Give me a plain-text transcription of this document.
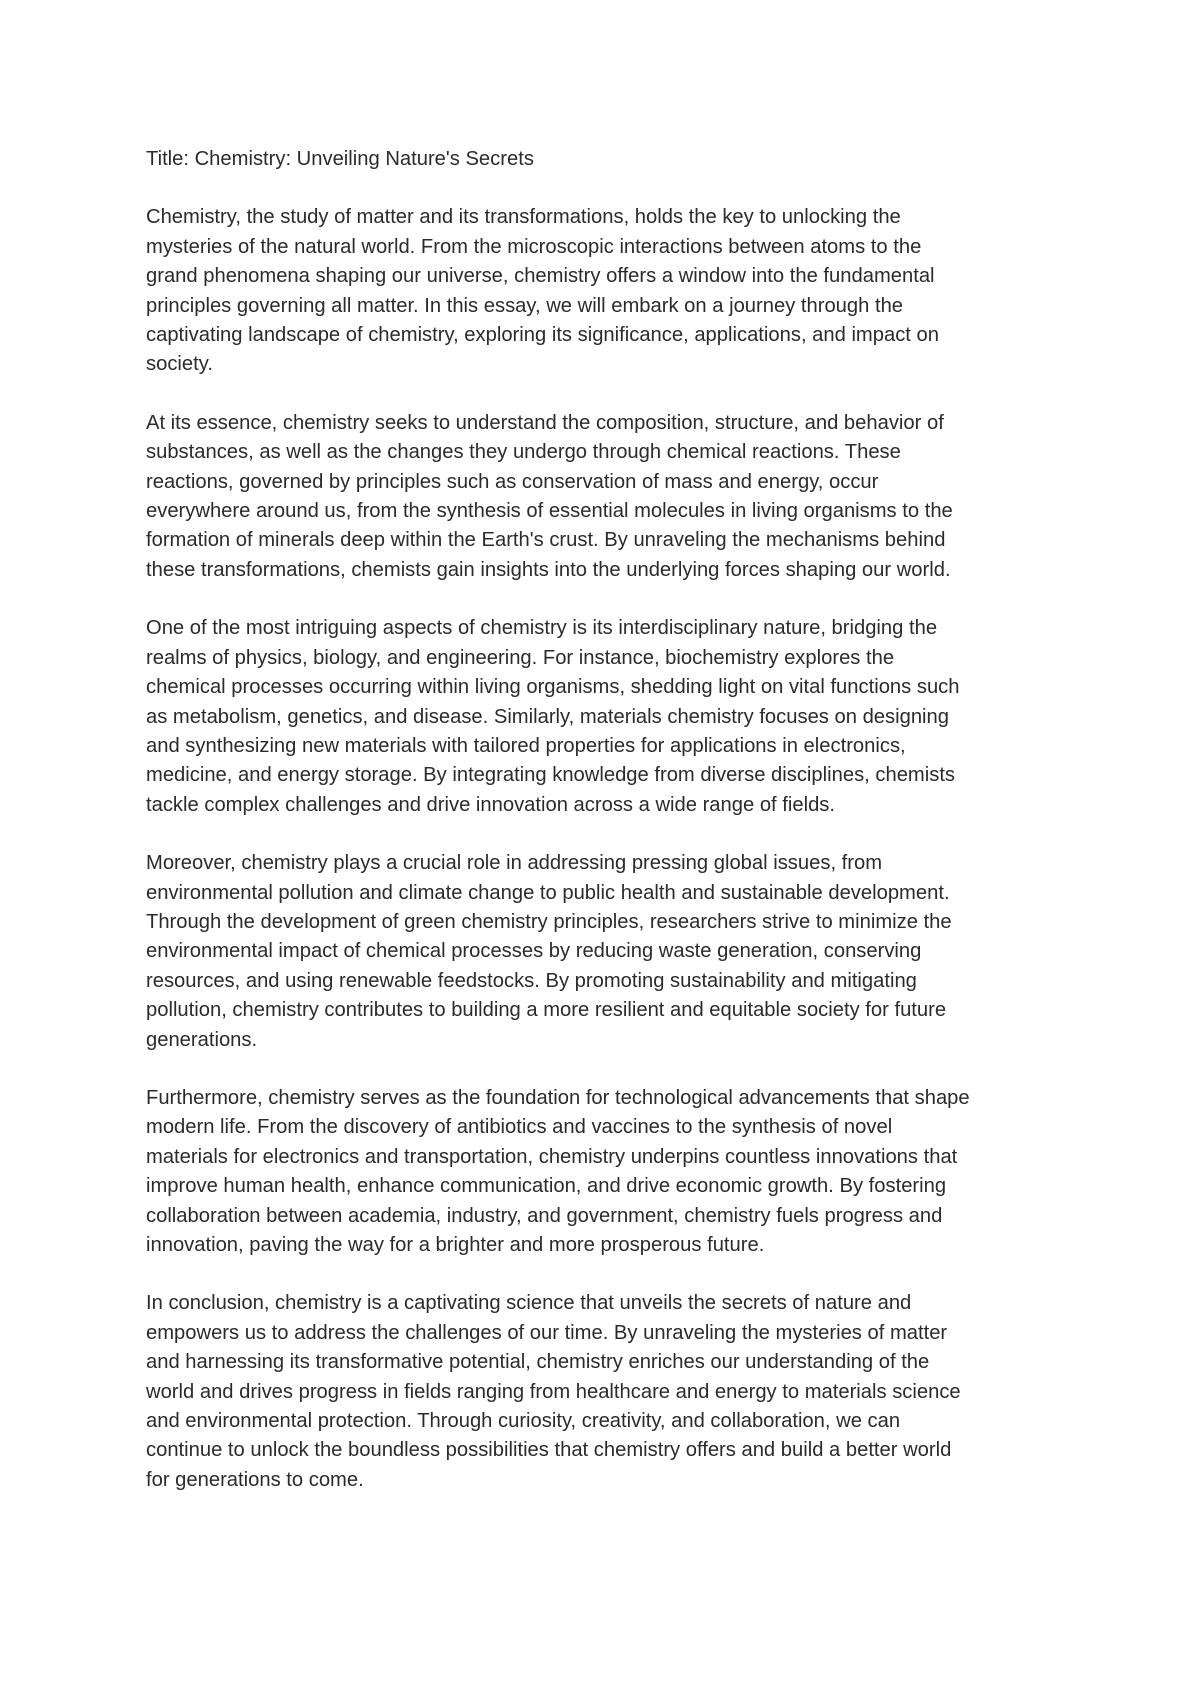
Title: Chemistry: Unveiling Nature's Secrets

Chemistry, the study of matter and its transformations, holds the key to unlocking the
mysteries of the natural world. From the microscopic interactions between atoms to the
grand phenomena shaping our universe, chemistry offers a window into the fundamental
principles governing all matter. In this essay, we will embark on a journey through the
captivating landscape of chemistry, exploring its significance, applications, and impact on
society.

At its essence, chemistry seeks to understand the composition, structure, and behavior of
substances, as well as the changes they undergo through chemical reactions. These
reactions, governed by principles such as conservation of mass and energy, occur
everywhere around us, from the synthesis of essential molecules in living organisms to the
formation of minerals deep within the Earth's crust. By unraveling the mechanisms behind
these transformations, chemists gain insights into the underlying forces shaping our world.

One of the most intriguing aspects of chemistry is its interdisciplinary nature, bridging the
realms of physics, biology, and engineering. For instance, biochemistry explores the
chemical processes occurring within living organisms, shedding light on vital functions such
as metabolism, genetics, and disease. Similarly, materials chemistry focuses on designing
and synthesizing new materials with tailored properties for applications in electronics,
medicine, and energy storage. By integrating knowledge from diverse disciplines, chemists
tackle complex challenges and drive innovation across a wide range of fields.

Moreover, chemistry plays a crucial role in addressing pressing global issues, from
environmental pollution and climate change to public health and sustainable development.
Through the development of green chemistry principles, researchers strive to minimize the
environmental impact of chemical processes by reducing waste generation, conserving
resources, and using renewable feedstocks. By promoting sustainability and mitigating
pollution, chemistry contributes to building a more resilient and equitable society for future
generations.

Furthermore, chemistry serves as the foundation for technological advancements that shape
modern life. From the discovery of antibiotics and vaccines to the synthesis of novel
materials for electronics and transportation, chemistry underpins countless innovations that
improve human health, enhance communication, and drive economic growth. By fostering
collaboration between academia, industry, and government, chemistry fuels progress and
innovation, paving the way for a brighter and more prosperous future.

In conclusion, chemistry is a captivating science that unveils the secrets of nature and
empowers us to address the challenges of our time. By unraveling the mysteries of matter
and harnessing its transformative potential, chemistry enriches our understanding of the
world and drives progress in fields ranging from healthcare and energy to materials science
and environmental protection. Through curiosity, creativity, and collaboration, we can
continue to unlock the boundless possibilities that chemistry offers and build a better world
for generations to come.
